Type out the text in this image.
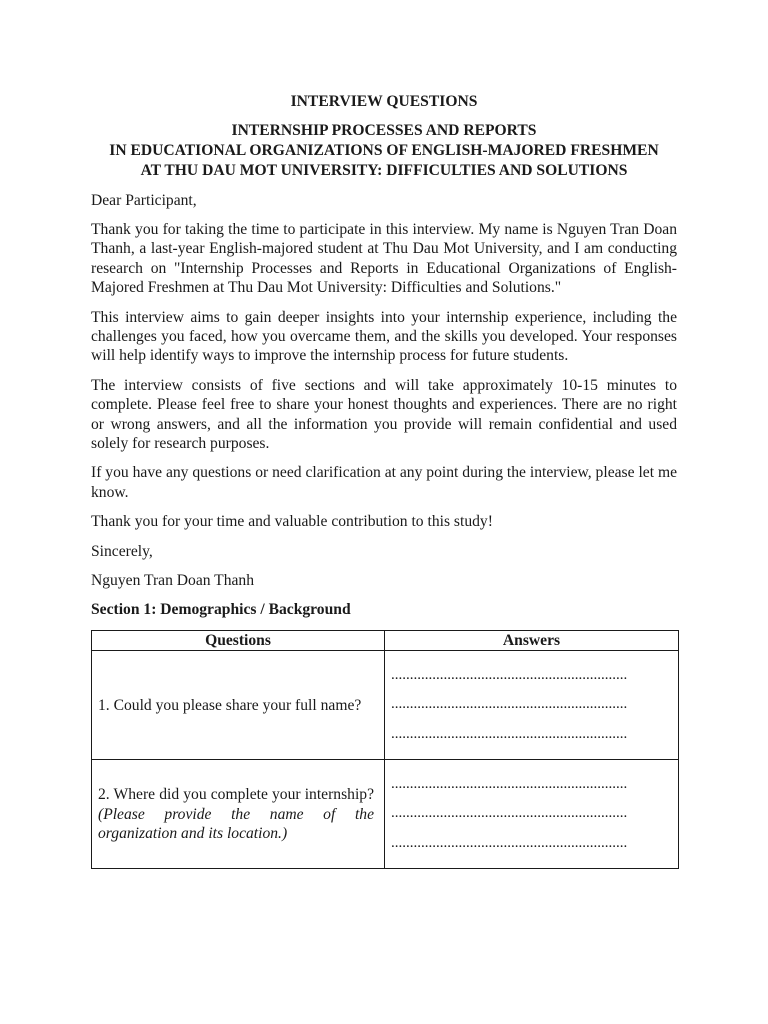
INTERVIEW QUESTIONS
INTERNSHIP PROCESSES AND REPORTS
IN EDUCATIONAL ORGANIZATIONS OF ENGLISH-MAJORED FRESHMEN
AT THU DAU MOT UNIVERSITY: DIFFICULTIES AND SOLUTIONS

Dear Participant,

Thank you for taking the time to participate in this interview. My name is Nguyen Tran Doan Thanh, a last-year English-majored student at Thu Dau Mot University, and I am conducting research on "Internship Processes and Reports in Educational Organizations of English-Majored Freshmen at Thu Dau Mot University: Difficulties and Solutions."

This interview aims to gain deeper insights into your internship experience, including the challenges you faced, how you overcame them, and the skills you developed. Your responses will help identify ways to improve the internship process for future students.

The interview consists of five sections and will take approximately 10-15 minutes to complete. Please feel free to share your honest thoughts and experiences. There are no right or wrong answers, and all the information you provide will remain confidential and used solely for research purposes.

If you have any questions or need clarification at any point during the interview, please let me know.

Thank you for your time and valuable contribution to this study!

Sincerely,

Nguyen Tran Doan Thanh

Section 1: Demographics / Background
Questions	Answers
1. Could you please share your full name?	...............................................................
...............................................................
...............................................................

2. Where did you complete your internship? (Please provide the name of the organization and its location.)	...............................................................
...............................................................
...............................................................
